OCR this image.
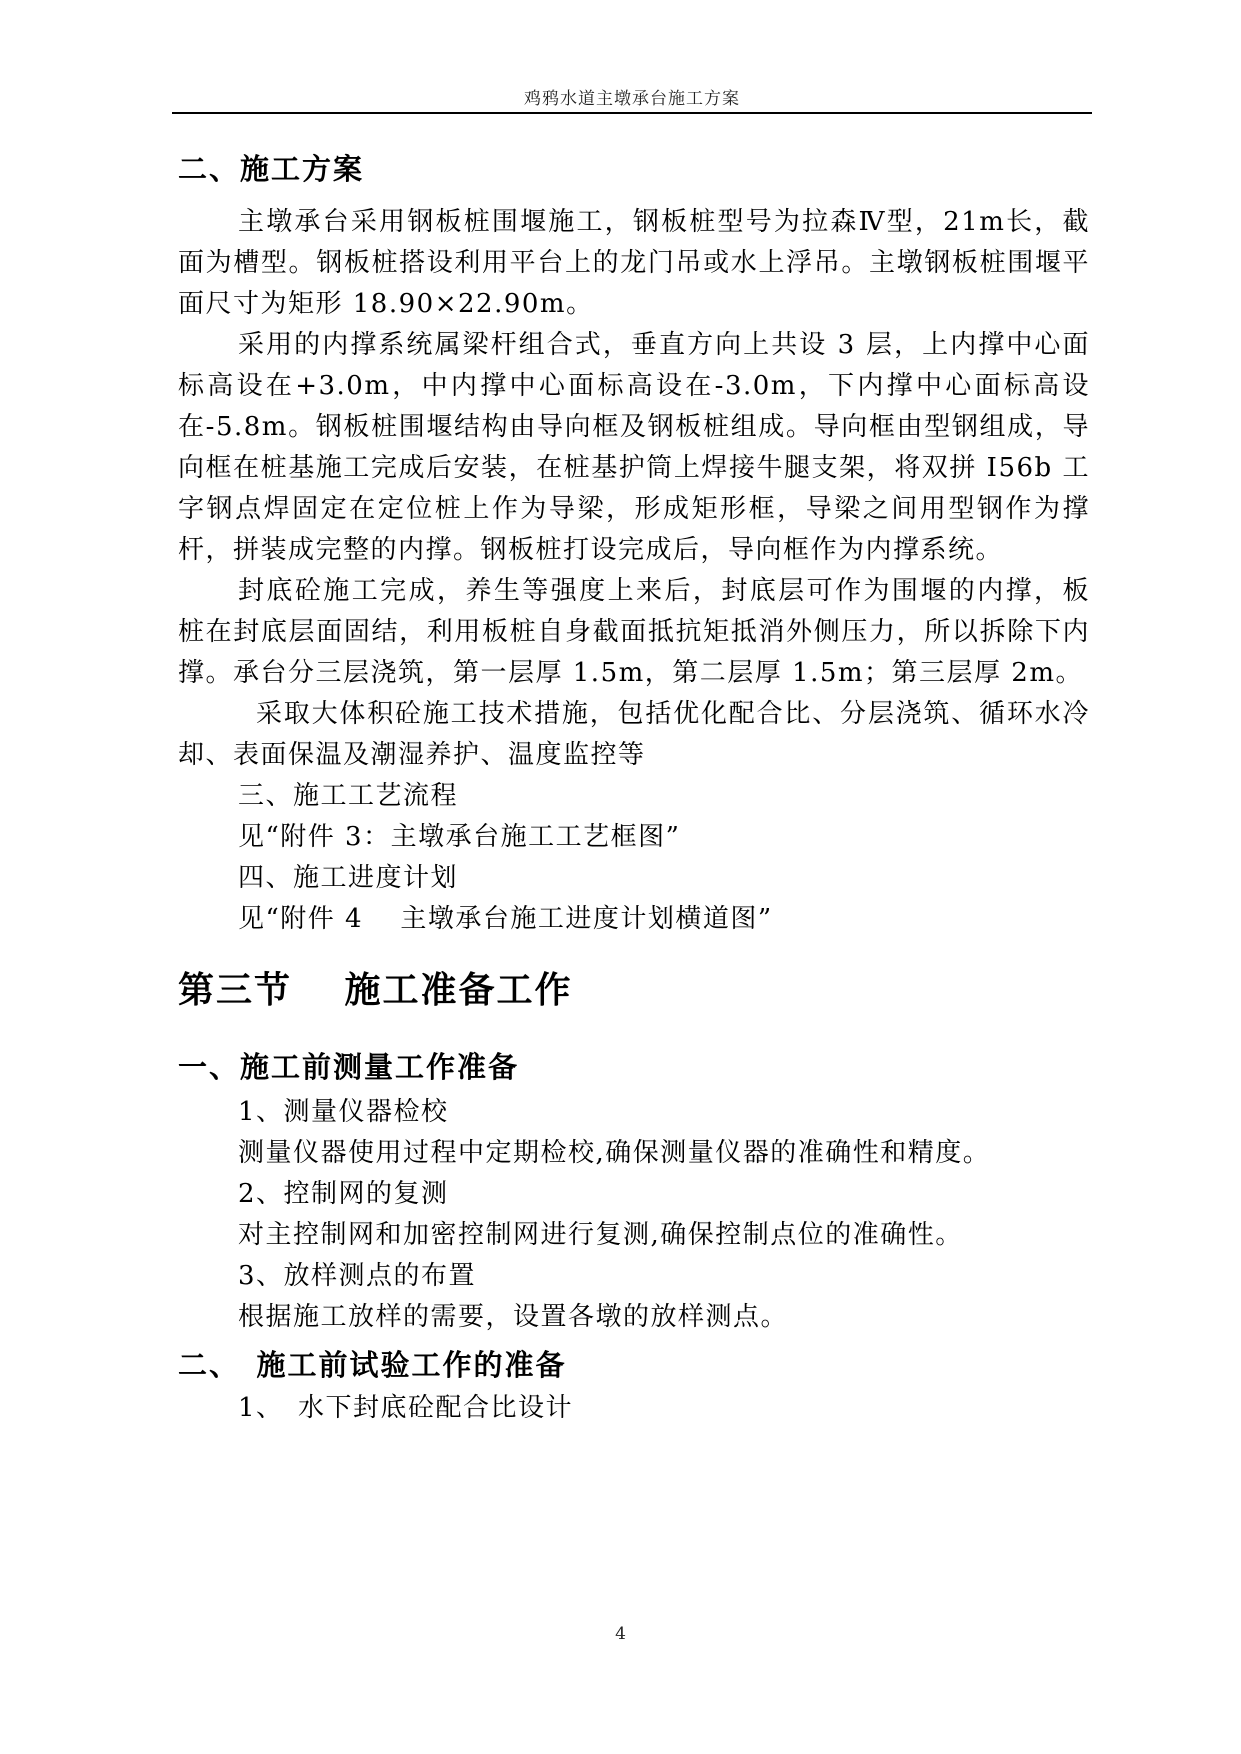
鸡鸦水道主墩承台施工方案
二、施工方案

主墩承台采用钢板桩围堰施工，钢板桩型号为拉森Ⅳ型，21m长，截面为槽型。钢板桩搭设利用平台上的龙门吊或水上浮吊。主墩钢板桩围堰平面尺寸为矩形 18.90×22.90m。

采用的内撑系统属梁杆组合式，垂直方向上共设 3 层，上内撑中心面标高设在+3.0m，中内撑中心面标高设在-3.0m，下内撑中心面标高设在-5.8m。钢板桩围堰结构由导向框及钢板桩组成。导向框由型钢组成，导向框在桩基施工完成后安装，在桩基护筒上焊接牛腿支架，将双拼 I56b 工字钢点焊固定在定位桩上作为导梁，形成矩形框，导梁之间用型钢作为撑杆，拼装成完整的内撑。钢板桩打设完成后，导向框作为内撑系统。

封底砼施工完成，养生等强度上来后，封底层可作为围堰的内撑，板桩在封底层面固结，利用板桩自身截面抵抗矩抵消外侧压力，所以拆除下内撑。承台分三层浇筑，第一层厚 1.5m，第二层厚 1.5m；第三层厚 2m。

采取大体积砼施工技术措施，包括优化配合比、分层浇筑、循环水冷却、表面保温及潮湿养护、温度监控等

三、施工工艺流程

见“附件 3：主墩承台施工工艺框图”

四、施工进度计划

见“附件 4　 主墩承台施工进度计划横道图”

第三节　 施工准备工作
一、施工前测量工作准备

1、测量仪器检校

测量仪器使用过程中定期检校,确保测量仪器的准确性和精度。

2、控制网的复测

对主控制网和加密控制网进行复测,确保控制点位的准确性。

3、放样测点的布置

根据施工放样的需要，设置各墩的放样测点。

二、　施工前试验工作的准备

1、　水下封底砼配合比设计

4
